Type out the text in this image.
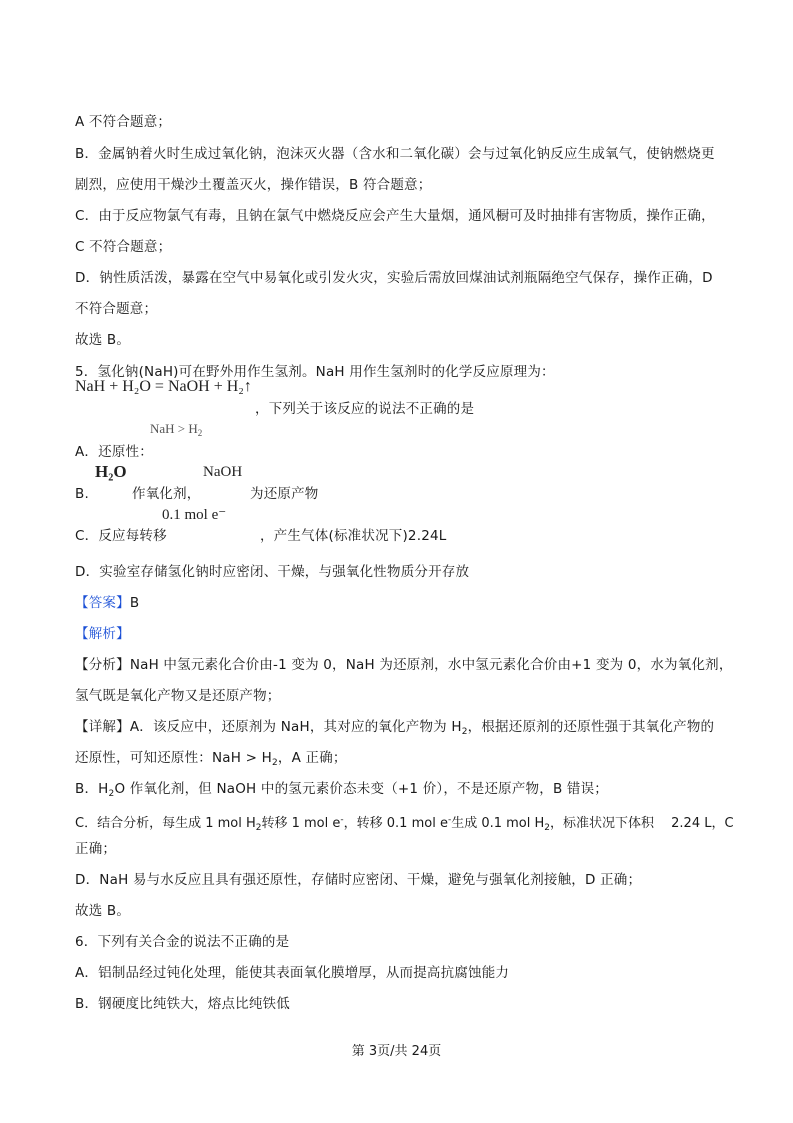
A 不符合题意；
B．金属钠着火时生成过氧化钠，泡沫灭火器（含水和二氧化碳）会与过氧化钠反应生成氧气，使钠燃烧更
剧烈，应使用干燥沙土覆盖灭火，操作错误，B 符合题意；
C．由于反应物氯气有毒，且钠在氯气中燃烧反应会产生大量烟，通风橱可及时抽排有害物质，操作正确，
C 不符合题意；
D．钠性质活泼，暴露在空气中易氧化或引发火灾，实验后需放回煤油试剂瓶隔绝空气保存，操作正确，D
不符合题意；
故选 B。
5．氢化钠(NaH)可在野外用作生氢剂。NaH 用作生氢剂时的化学反应原理为：
NaH + H₂O = NaOH + H₂↑
，下列关于该反应的说法不正确的是
NaH > $H_2$
A．还原性：
H₂O	NaOH
B.	作氧化剂，	为还原产物
0.1 mol e⁻
C．反应每转移	，产生气体(标准状况下)2.24L
D．实验室存储氢化钠时应密闭、干燥，与强氧化性物质分开存放
【答案】B
【解析】
【分析】NaH 中氢元素化合价由-1 变为 0，NaH 为还原剂，水中氢元素化合价由+1 变为 0，水为氧化剂，
氢气既是氧化产物又是还原产物；
【详解】A．该反应中，还原剂为 NaH，其对应的氧化产物为 $H_2$，根据还原剂的还原性强于其氧化产物的
还原性，可知还原性：NaH > $H_2$，A 正确；
B．$H_2O$ 作氧化剂，但 NaOH 中的氢元素价态未变（+1 价），不是还原产物，B 错误；
C．结合分析，每生成 1 mol $H_2$转移 1 mol e-，转移 0.1 mol e-生成 0.1 mol $H_2$，标准状况下体积　 2.24 L，C
正确；
D．NaH 易与水反应且具有强还原性，存储时应密闭、干燥，避免与强氧化剂接触，D 正确；
故选 B。
6．下列有关合金的说法不正确的是
A．铝制品经过钝化处理，能使其表面氧化膜增厚，从而提高抗腐蚀能力
B．钢硬度比纯铁大，熔点比纯铁低
第 3页/共 24页
